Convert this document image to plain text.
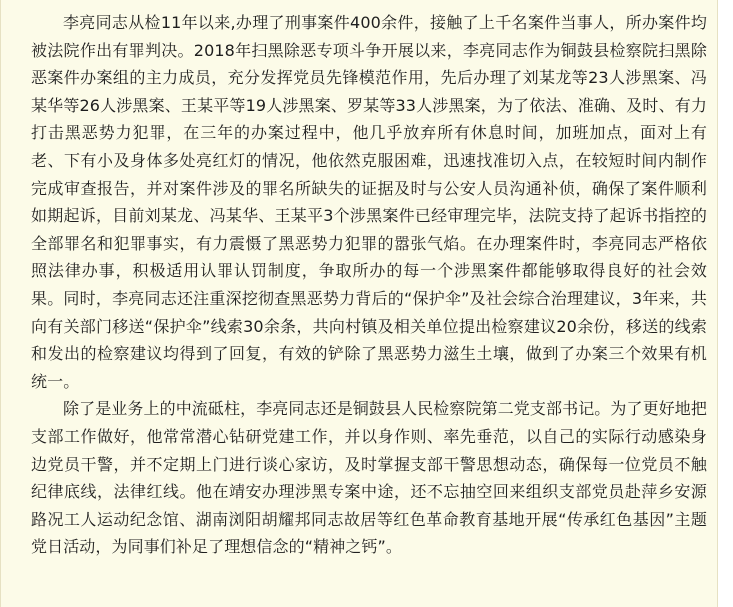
李亮同志从检11年以来,办理了刑事案件400余件，接触了上千名案件当事人，所办案件均被法院作出有罪判决。2018年扫黑除恶专项斗争开展以来，李亮同志作为铜鼓县检察院扫黑除恶案件办案组的主力成员，充分发挥党员先锋模范作用，先后办理了刘某龙等23人涉黑案、冯某华等26人涉黑案、王某平等19人涉黑案、罗某等33人涉黑案，为了依法、准确、及时、有力打击黑恶势力犯罪，在三年的办案过程中，他几乎放弃所有休息时间，加班加点，面对上有老、下有小及身体多处亮红灯的情况，他依然克服困难，迅速找准切入点，在较短时间内制作完成审查报告，并对案件涉及的罪名所缺失的证据及时与公安人员沟通补侦，确保了案件顺利如期起诉，目前刘某龙、冯某华、王某平3个涉黑案件已经审理完毕，法院支持了起诉书指控的全部罪名和犯罪事实，有力震慑了黑恶势力犯罪的嚣张气焰。在办理案件时，李亮同志严格依照法律办事，积极适用认罪认罚制度，争取所办的每一个涉黑案件都能够取得良好的社会效果。同时，李亮同志还注重深挖彻查黑恶势力背后的“保护伞”及社会综合治理建议，3年来，共向有关部门移送“保护伞”线索30余条，共向村镇及相关单位提出检察建议20余份，移送的线索和发出的检察建议均得到了回复，有效的铲除了黑恶势力滋生土壤，做到了办案三个效果有机统一。

除了是业务上的中流砥柱，李亮同志还是铜鼓县人民检察院第二党支部书记。为了更好地把支部工作做好，他常常潜心钻研党建工作，并以身作则、率先垂范，以自己的实际行动感染身边党员干警，并不定期上门进行谈心家访，及时掌握支部干警思想动态，确保每一位党员不触纪律底线，法律红线。他在靖安办理涉黑专案中途，还不忘抽空回来组织支部党员赴萍乡安源路况工人运动纪念馆、湖南浏阳胡耀邦同志故居等红色革命教育基地开展“传承红色基因”主题党日活动，为同事们补足了理想信念的“精神之钙”。
